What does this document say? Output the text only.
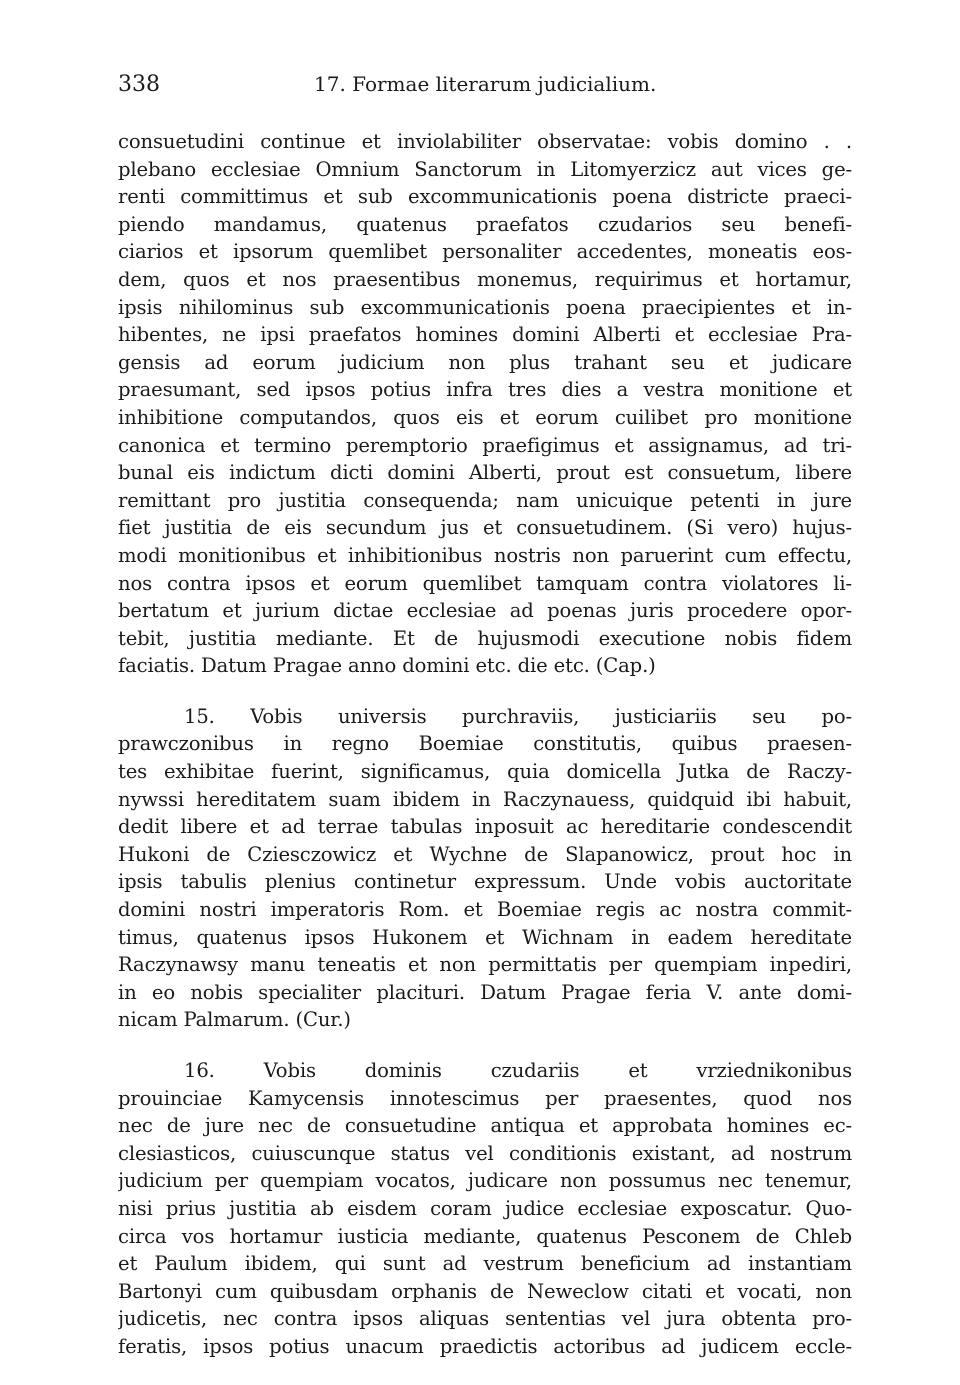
338	17. Formae literarum judicialium.
consuetudini continue et inviolabiliter observatae: vobis domino . .
plebano ecclesiae Omnium Sanctorum in Litomyerzicz aut vices ge-
renti committimus et sub excommunicationis poena districte praeci-
piendo mandamus, quatenus praefatos czudarios seu benefi-
ciarios et ipsorum quemlibet personaliter accedentes, moneatis eos-
dem, quos et nos praesentibus monemus, requirimus et hortamur,
ipsis nihilominus sub excommunicationis poena praecipientes et in-
hibentes, ne ipsi praefatos homines domini Alberti et ecclesiae Pra-
gensis ad eorum judicium non plus trahant seu et judicare
praesumant, sed ipsos potius infra tres dies a vestra monitione et
inhibitione computandos, quos eis et eorum cuilibet pro monitione
canonica et termino peremptorio praefigimus et assignamus, ad tri-
bunal eis indictum dicti domini Alberti, prout est consuetum, libere
remittant pro justitia consequenda; nam unicuique petenti in jure
fiet justitia de eis secundum jus et consuetudinem. (Si vero) hujus-
modi monitionibus et inhibitionibus nostris non paruerint cum effectu,
nos contra ipsos et eorum quemlibet tamquam contra violatores li-
bertatum et jurium dictae ecclesiae ad poenas juris procedere opor-
tebit, justitia mediante. Et de hujusmodi executione nobis fidem
faciatis. Datum Pragae anno domini etc. die etc. (Cap.)
15. Vobis universis purchraviis, justiciariis seu po-
prawczonibus in regno Boemiae constitutis, quibus praesen-
tes exhibitae fuerint, significamus, quia domicella Jutka de Raczy-
nywssi hereditatem suam ibidem in Raczynauess, quidquid ibi habuit,
dedit libere et ad terrae tabulas inposuit ac hereditarie condescendit
Hukoni de Cziesczowicz et Wychne de Slapanowicz, prout hoc in
ipsis tabulis plenius continetur expressum. Unde vobis auctoritate
domini nostri imperatoris Rom. et Boemiae regis ac nostra commit-
timus, quatenus ipsos Hukonem et Wichnam in eadem hereditate
Raczynawsy manu teneatis et non permittatis per quempiam inpediri,
in eo nobis specialiter placituri. Datum Pragae feria V. ante domi-
nicam Palmarum. (Cur.)
16. Vobis dominis czudariis et vrziednikonibus
prouinciae Kamycensis innotescimus per praesentes, quod nos
nec de jure nec de consuetudine antiqua et approbata homines ec-
clesiasticos, cuiuscunque status vel conditionis existant, ad nostrum
judicium per quempiam vocatos, judicare non possumus nec tenemur,
nisi prius justitia ab eisdem coram judice ecclesiae exposcatur. Quo-
circa vos hortamur iusticia mediante, quatenus Pesconem de Chleb
et Paulum ibidem, qui sunt ad vestrum beneficium ad instantiam
Bartonyi cum quibusdam orphanis de Neweclow citati et vocati, non
judicetis, nec contra ipsos aliquas sententias vel jura obtenta pro-
feratis, ipsos potius unacum praedictis actoribus ad judicem eccle-
